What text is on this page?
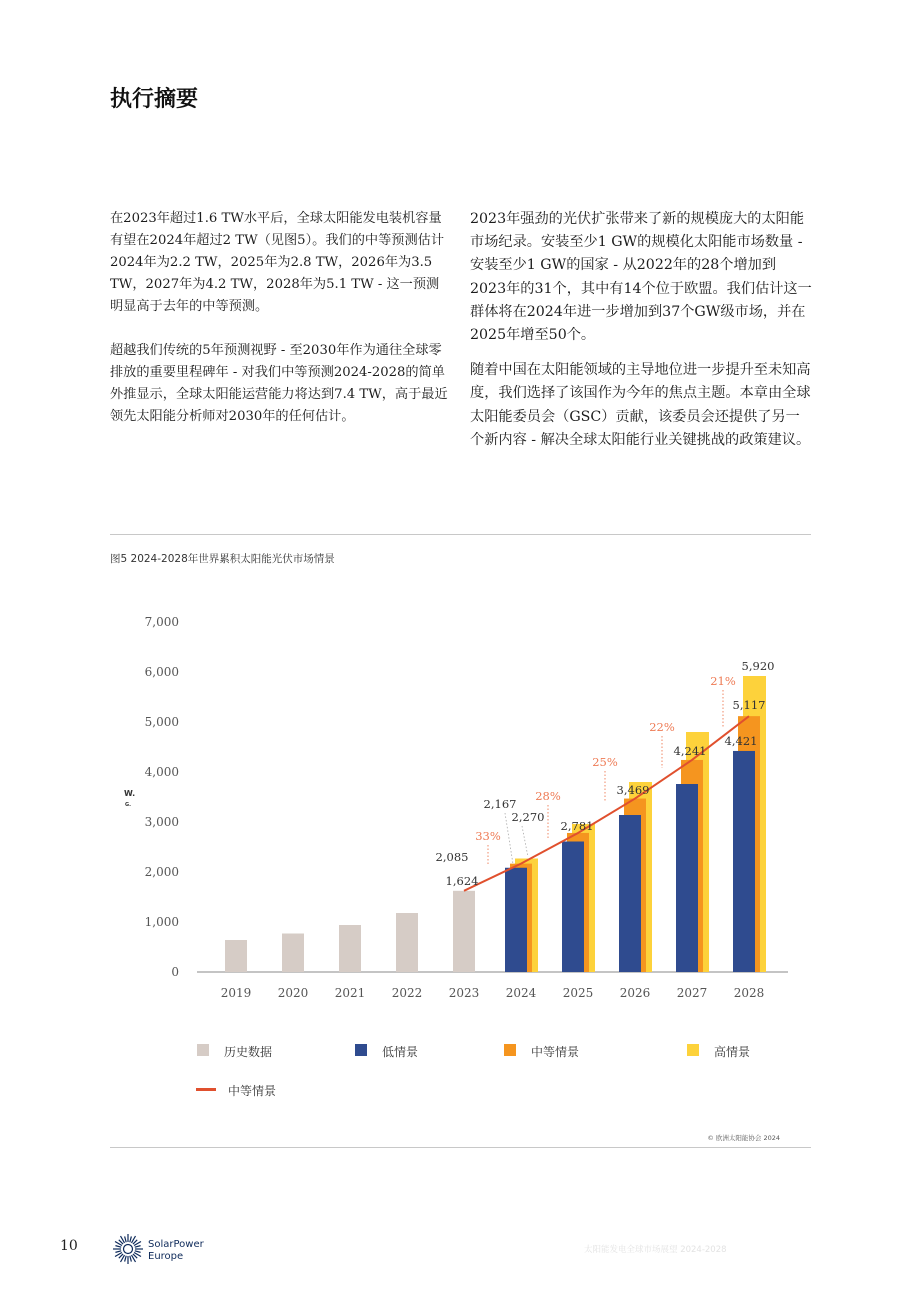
执行摘要

在2023年超过1.6 TW水平后，全球太阳能发电装机容量有望在2024年超过2 TW（见图5）。我们的中等预测估计2024年为2.2 TW，2025年为2.8 TW，2026年为3.5 TW，2027年为4.2 TW，2028年为5.1 TW - 这一预测明显高于去年的中等预测。

超越我们传统的5年预测视野 - 至2030年作为通往全球零排放的重要里程碑年 - 对我们中等预测2024-2028的简单外推显示，全球太阳能运营能力将达到7.4 TW，高于最近领先太阳能分析师对2030年的任何估计。

2023年强劲的光伏扩张带来了新的规模庞大的太阳能市场纪录。安装至少1 GW的规模化太阳能市场数量 - 安装至少1 GW的国家 - 从2022年的28个增加到2023年的31个，其中有14个位于欧盟。我们估计这一群体将在2024年进一步增加到37个GW级市场，并在2025年增至50个。

随着中国在太阳能领域的主导地位进一步提升至未知高度，我们选择了该国作为今年的焦点主题。本章由全球太阳能委员会（GSC）贡献，该委员会还提供了另一个新内容 - 解决全球太阳能行业关键挑战的政策建议。

图5 2024-2028年世界累积太阳能光伏市场情景
0
1,000
2,000
3,000
4,000
5,000
6,000
7,000
W.
G.
2019 2020 2021 2022 2023 2024 2025 2026 2027 2028
1,624
2,085
2,167
2,270
2,781
3,469
4,241
4,421
5,117
5,920
33%
28%
25%
22%
21%
历史数据	低情景	中等情景	高情景
中等情景
© 欧洲太阳能协会 2024
10	SolarPower
Europe
太阳能发电全球市场展望 2024-2028
